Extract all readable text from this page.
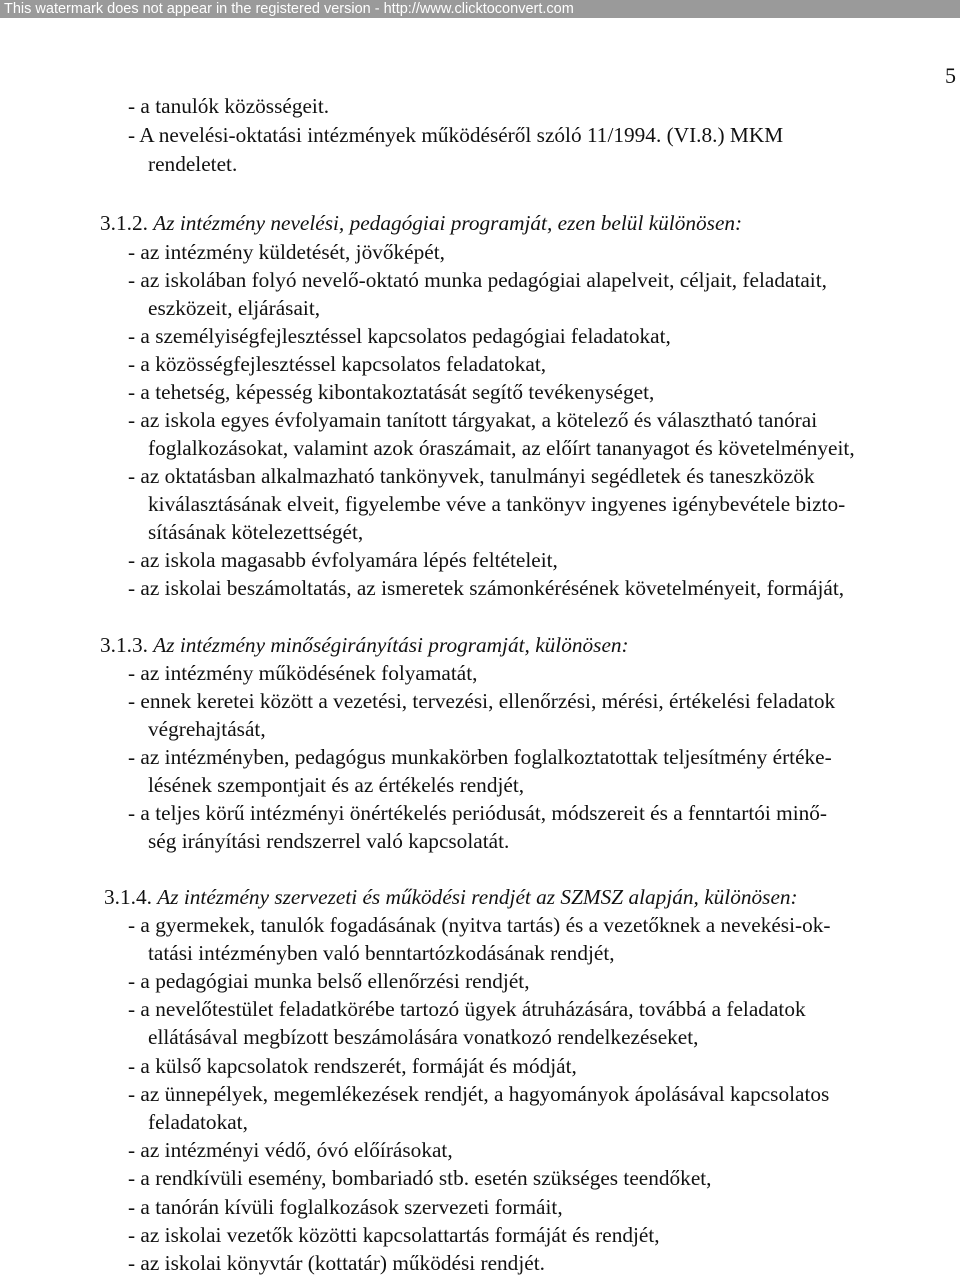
This watermark does not appear in the registered version - http://www.clicktoconvert.com
5
- a tanulók közösségeit.
- A nevelési-oktatási intézmények működéséről szóló 11/1994. (VI.8.) MKM
rendeletet.
3.1.2. Az intézmény nevelési, pedagógiai programját, ezen belül különösen:
- az intézmény küldetését, jövőképét,
- az iskolában folyó nevelő-oktató munka pedagógiai alapelveit, céljait, feladatait,
eszközeit, eljárásait,
- a személyiségfejlesztéssel kapcsolatos pedagógiai feladatokat,
- a közösségfejlesztéssel kapcsolatos feladatokat,
- a tehetség, képesség kibontakoztatását segítő tevékenységet,
- az iskola egyes évfolyamain tanított tárgyakat, a kötelező és választható tanórai
foglalkozásokat, valamint azok óraszámait, az előírt tananyagot és követelményeit,
- az oktatásban alkalmazható tankönyvek, tanulmányi segédletek és taneszközök
kiválasztásának elveit, figyelembe véve a tankönyv ingyenes igénybevétele bizto-
sításának kötelezettségét,
- az iskola magasabb évfolyamára lépés feltételeit,
- az iskolai beszámoltatás, az ismeretek számonkérésének követelményeit, formáját,
3.1.3. Az intézmény minőségirányítási programját, különösen:
- az intézmény működésének folyamatát,
- ennek keretei között a vezetési, tervezési, ellenőrzési, mérési, értékelési feladatok
végrehajtását,
- az intézményben, pedagógus munkakörben foglalkoztatottak teljesítmény értéke-
lésének szempontjait és az értékelés rendjét,
- a teljes körű intézményi önértékelés periódusát, módszereit és a fenntartói minő-
ség irányítási rendszerrel való kapcsolatát.
3.1.4. Az intézmény szervezeti és működési rendjét az SZMSZ alapján, különösen:
- a gyermekek, tanulók fogadásának (nyitva tartás) és a vezetőknek a nevekési-ok-
tatási intézményben való benntartózkodásának rendjét,
- a pedagógiai munka belső ellenőrzési rendjét,
- a nevelőtestület feladatkörébe tartozó ügyek átruházására, továbbá a feladatok
ellátásával megbízott beszámolására vonatkozó rendelkezéseket,
- a külső kapcsolatok rendszerét, formáját és módját,
- az ünnepélyek, megemlékezések rendjét, a hagyományok ápolásával kapcsolatos
feladatokat,
- az intézményi védő, óvó előírásokat,
- a rendkívüli esemény, bombariadó stb. esetén szükséges teendőket,
- a tanórán kívüli foglalkozások szervezeti formáit,
- az iskolai vezetők közötti kapcsolattartás formáját és rendjét,
- az iskolai könyvtár (kottatár) működési rendjét.
